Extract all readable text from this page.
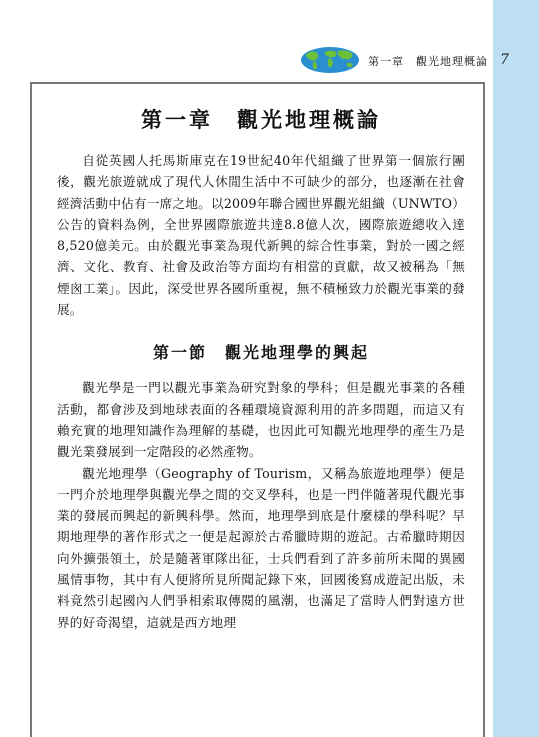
第一章　觀光地理概論 7
第一章　觀光地理概論

自從英國人托馬斯庫克在19世紀40年代組織了世界第一個旅行團後，觀光旅遊就成了現代人休閒生活中不可缺少的部分，也逐漸在社會經濟活動中佔有一席之地。以2009年聯合國世界觀光組織（UNWTO）公告的資料為例，全世界國際旅遊共達8.8億人次，國際旅遊總收入達8,520億美元。由於觀光事業為現代新興的綜合性事業，對於一國之經濟、文化、教育、社會及政治等方面均有相當的貢獻，故又被稱為「無煙囪工業」。因此，深受世界各國所重視，無不積極致力於觀光事業的發展。

第一節　觀光地理學的興起

觀光學是一門以觀光事業為研究對象的學科；但是觀光事業的各種活動，都會涉及到地球表面的各種環境資源利用的許多問題，而這又有賴充實的地理知識作為理解的基礎，也因此可知觀光地理學的產生乃是觀光業發展到一定階段的必然產物。

觀光地理學（Geography of Tourism，又稱為旅遊地理學）便是一門介於地理學與觀光學之間的交叉學科，也是一門伴隨著現代觀光事業的發展而興起的新興科學。然而，地理學到底是什麼樣的學科呢？早期地理學的著作形式之一便是起源於古希臘時期的遊記。古希臘時期因向外擴張領土，於是隨著軍隊出征，士兵們看到了許多前所未聞的異國風情事物，其中有人便將所見所聞記錄下來，回國後寫成遊記出版，未料竟然引起國內人們爭相索取傳閱的風潮，也滿足了當時人們對遠方世界的好奇渴望，這就是西方地理
